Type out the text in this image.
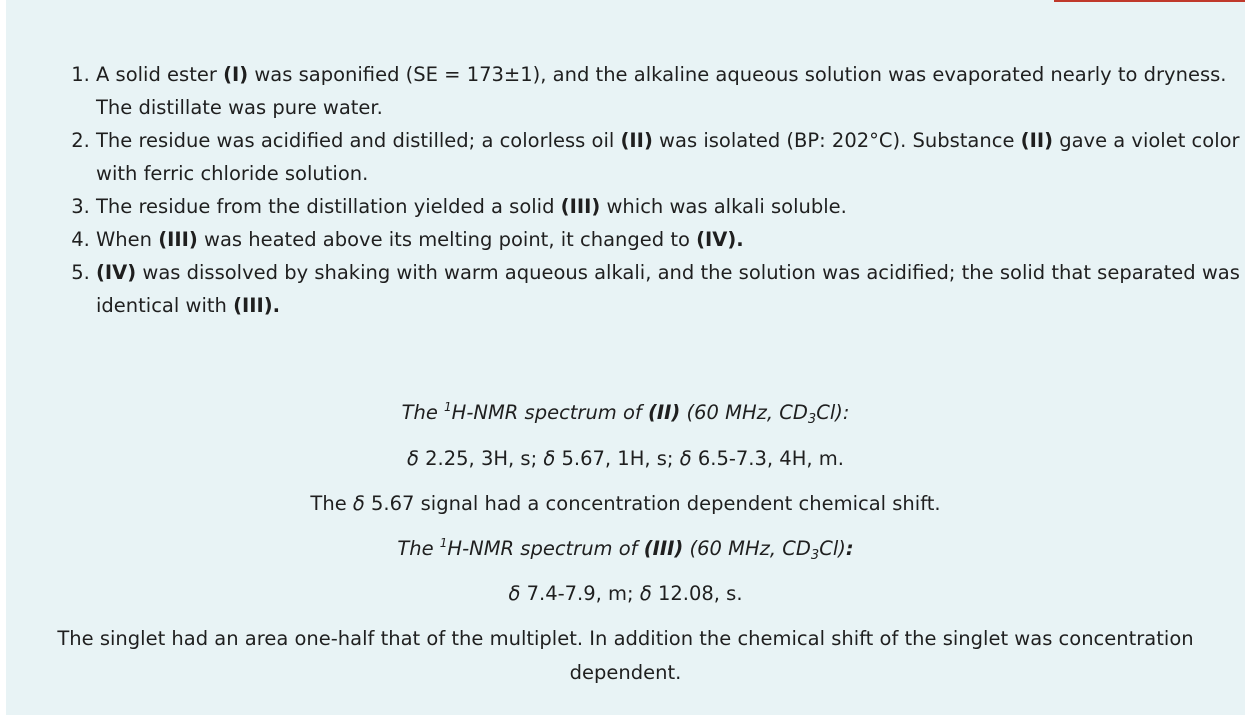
1. A solid ester (I) was saponified (SE = 173±1), and the alkaline aqueous solution was evaporated nearly to dryness. The distillate was pure water.
2. The residue was acidified and distilled; a colorless oil (II) was isolated (BP: 202°C). Substance (II) gave a violet color with ferric chloride solution.
3. The residue from the distillation yielded a solid (III) which was alkali soluble.
4. When (III) was heated above its melting point, it changed to (IV).
5. (IV) was dissolved by shaking with warm aqueous alkali, and the solution was acidified; the solid that separated was identical with (III).
The $^1$H-NMR spectrum of (II) (60 MHz, $CD_3Cl$):
δ 2.25, 3H, s; δ 5.67, 1H, s; δ 6.5-7.3, 4H, m.
The δ 5.67 signal had a concentration dependent chemical shift.
The $^1$H-NMR spectrum of (III) (60 MHz, $CD_3Cl$):
δ 7.4-7.9, m; δ 12.08, s.
The singlet had an area one-half that of the multiplet. In addition the chemical shift of the singlet was concentration dependent.
